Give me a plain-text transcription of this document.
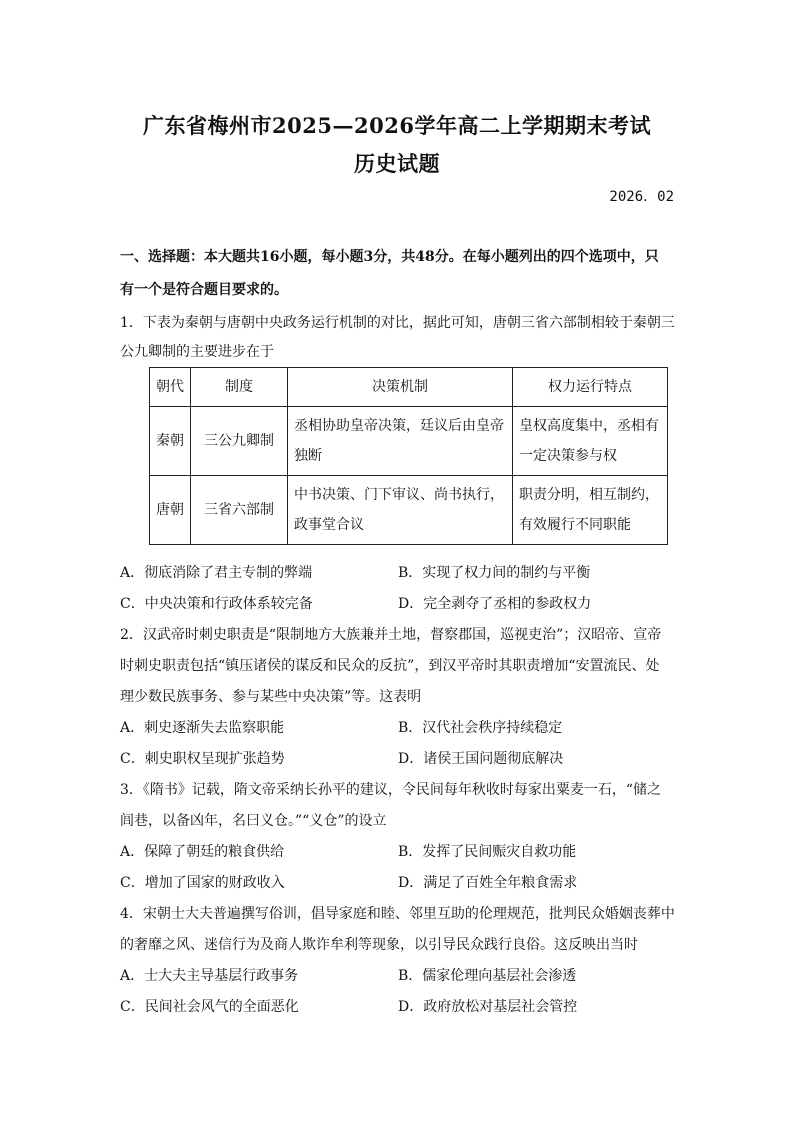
广东省梅州市2025—2026学年高二上学期期末考试
历史试题
2026．02
一、选择题：本大题共16小题，每小题3分，共48分。在每小题列出的四个选项中，只
有一个是符合题目要求的。
1．下表为秦朝与唐朝中央政务运行机制的对比，据此可知，唐朝三省六部制相较于秦朝三
公九卿制的主要进步在于
朝代	制度	决策机制	权力运行特点
秦朝	三公九卿制	丞相协助皇帝决策，廷议后由皇帝独断	皇权高度集中，丞相有一定决策参与权
唐朝	三省六部制	中书决策、门下审议、尚书执行，政事堂合议	职责分明，相互制约，有效履行不同职能
A．彻底消除了君主专制的弊端	B．实现了权力间的制约与平衡
C．中央决策和行政体系较完备	D．完全剥夺了丞相的参政权力
2．汉武帝时刺史职责是“限制地方大族兼并土地，督察郡国，巡视吏治”；汉昭帝、宣帝
时刺史职责包括“镇压诸侯的谋反和民众的反抗”，到汉平帝时其职责增加“安置流民、处
理少数民族事务、参与某些中央决策”等。这表明
A．刺史逐渐失去监察职能	B．汉代社会秩序持续稳定
C．刺史职权呈现扩张趋势	D．诸侯王国问题彻底解决
3．《隋书》记载，隋文帝采纳长孙平的建议，令民间每年秋收时每家出粟麦一石，“储之
闾巷，以备凶年，名曰义仓。”“义仓”的设立
A．保障了朝廷的粮食供给	B．发挥了民间赈灾自救功能
C．增加了国家的财政收入	D．满足了百姓全年粮食需求
4．宋朝士大夫普遍撰写俗训，倡导家庭和睦、邻里互助的伦理规范，批判民众婚姻丧葬中
的奢靡之风、迷信行为及商人欺诈牟利等现象，以引导民众践行良俗。这反映出当时
A．士大夫主导基层行政事务	B．儒家伦理向基层社会渗透
C．民间社会风气的全面恶化	D．政府放松对基层社会管控
